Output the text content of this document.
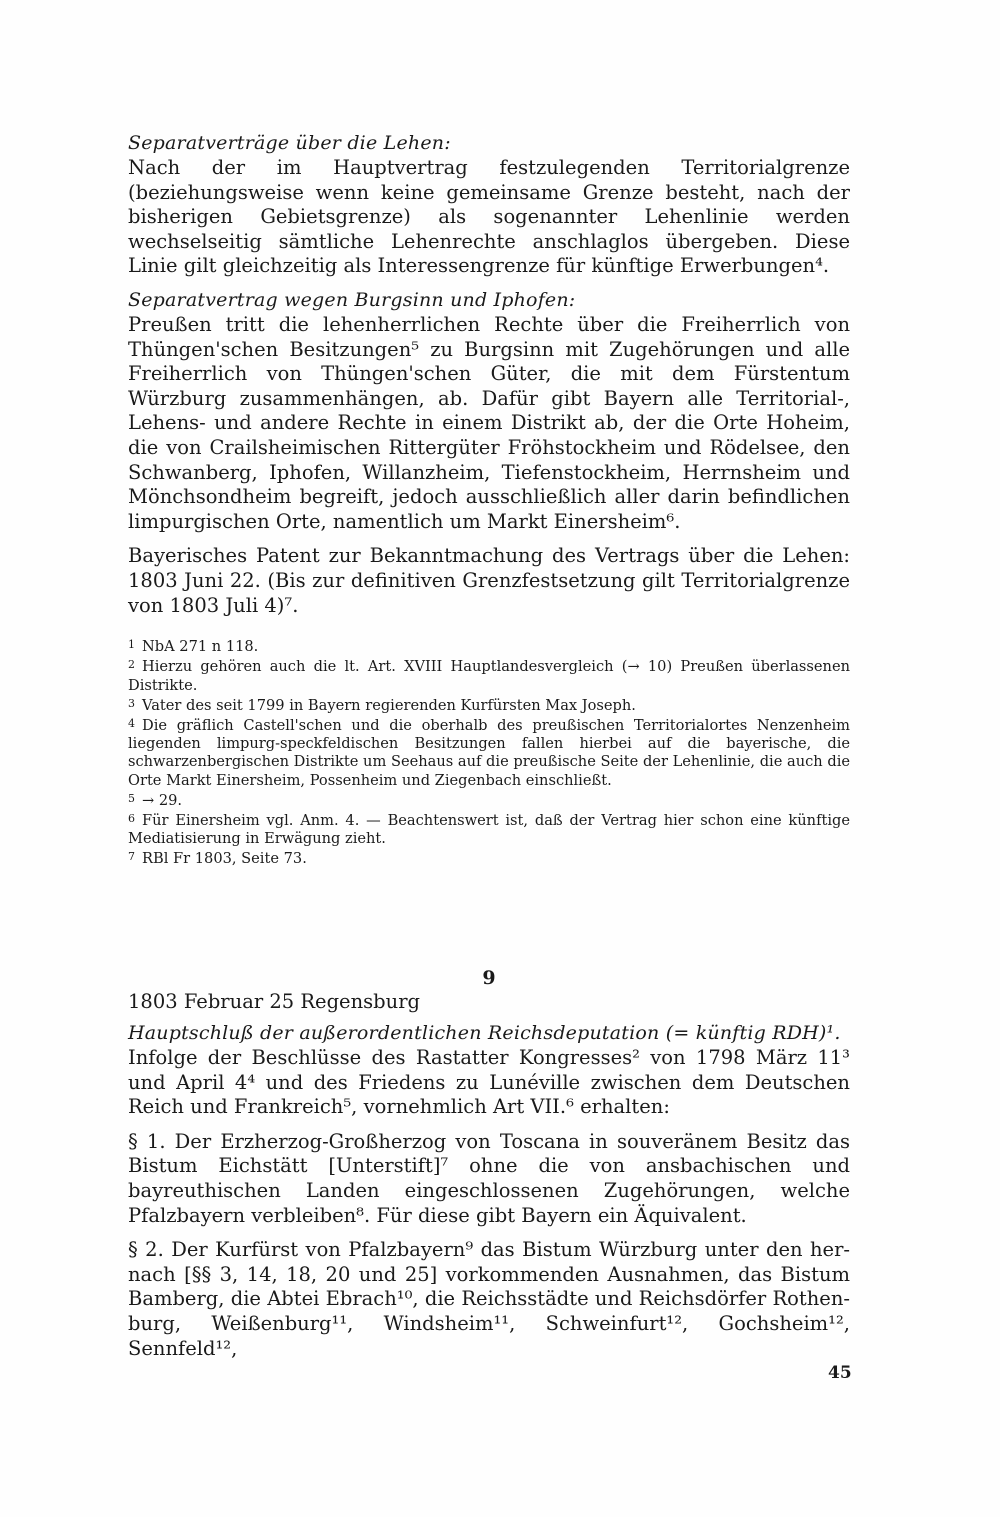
Separatverträge über die Lehen:

Nach der im Hauptvertrag festzulegenden Territorialgrenze (beziehungsweise wenn keine gemeinsame Grenze besteht, nach der bisherigen Gebietsgrenze) als sogenannter Lehenlinie werden wechselseitig sämtliche Lehenrechte anschlaglos übergeben. Diese Linie gilt gleichzeitig als Interessengrenze für künftige Erwerbungen⁴.

Separatvertrag wegen Burgsinn und Iphofen:

Preußen tritt die lehenherrlichen Rechte über die Freiherrlich von Thüngen'schen Besitzungen⁵ zu Burgsinn mit Zugehörungen und alle Freiherrlich von Thüngen'schen Güter, die mit dem Fürstentum Würzburg zusammenhängen, ab. Dafür gibt Bayern alle Territorial-, Lehens- und andere Rechte in einem Distrikt ab, der die Orte Hoheim, die von Crailsheimischen Rittergüter Fröhstockheim und Rödelsee, den Schwanberg, Iphofen, Willanzheim, Tiefenstockheim, Herrnsheim und Mönchsondheim begreift, jedoch ausschließlich aller darin befindlichen limpurgischen Orte, namentlich um Markt Einersheim⁶.

Bayerisches Patent zur Bekanntmachung des Vertrags über die Lehen: 1803 Juni 22. (Bis zur definitiven Grenzfestsetzung gilt Territorialgrenze von 1803 Juli 4)⁷.

1 NbA 271 n 118.

2 Hierzu gehören auch die lt. Art. XVIII Hauptlandesvergleich (→ 10) Preußen überlassenen Distrikte.

3 Vater des seit 1799 in Bayern regierenden Kurfürsten Max Joseph.

4 Die gräflich Castell'schen und die oberhalb des preußischen Territorialortes Nenzenheim liegenden limpurg-speckfeldischen Besitzungen fallen hierbei auf die bayerische, die schwarzenbergischen Distrikte um Seehaus auf die preußische Seite der Lehenlinie, die auch die Orte Markt Einersheim, Possenheim und Ziegenbach einschließt.

5 → 29.

6 Für Einersheim vgl. Anm. 4. — Beachtenswert ist, daß der Vertrag hier schon eine künftige Mediatisierung in Erwägung zieht.

7 RBl Fr 1803, Seite 73.

9

1803 Februar 25 Regensburg

Hauptschluß der außerordentlichen Reichsdeputation (= künftig RDH)¹.

Infolge der Beschlüsse des Rastatter Kongresses² von 1798 März 11³ und April 4⁴ und des Friedens zu Lunéville zwischen dem Deutschen Reich und Frankreich⁵, vornehmlich Art VII.⁶ erhalten:

§ 1. Der Erzherzog-Großherzog von Toscana in souveränem Besitz das Bistum Eichstätt [Unterstift]⁷ ohne die von ansbachischen und bayreuthischen Landen eingeschlossenen Zugehörungen, welche Pfalzbayern verbleiben⁸. Für diese gibt Bayern ein Äquivalent.

§ 2. Der Kurfürst von Pfalzbayern⁹ das Bistum Würzburg unter den hernach [§§ 3, 14, 18, 20 und 25] vorkommenden Ausnahmen, das Bistum Bamberg, die Abtei Ebrach¹⁰, die Reichsstädte und Reichsdörfer Rothenburg, Weißenburg¹¹, Windsheim¹¹, Schweinfurt¹², Gochsheim¹², Sennfeld¹²,

45
